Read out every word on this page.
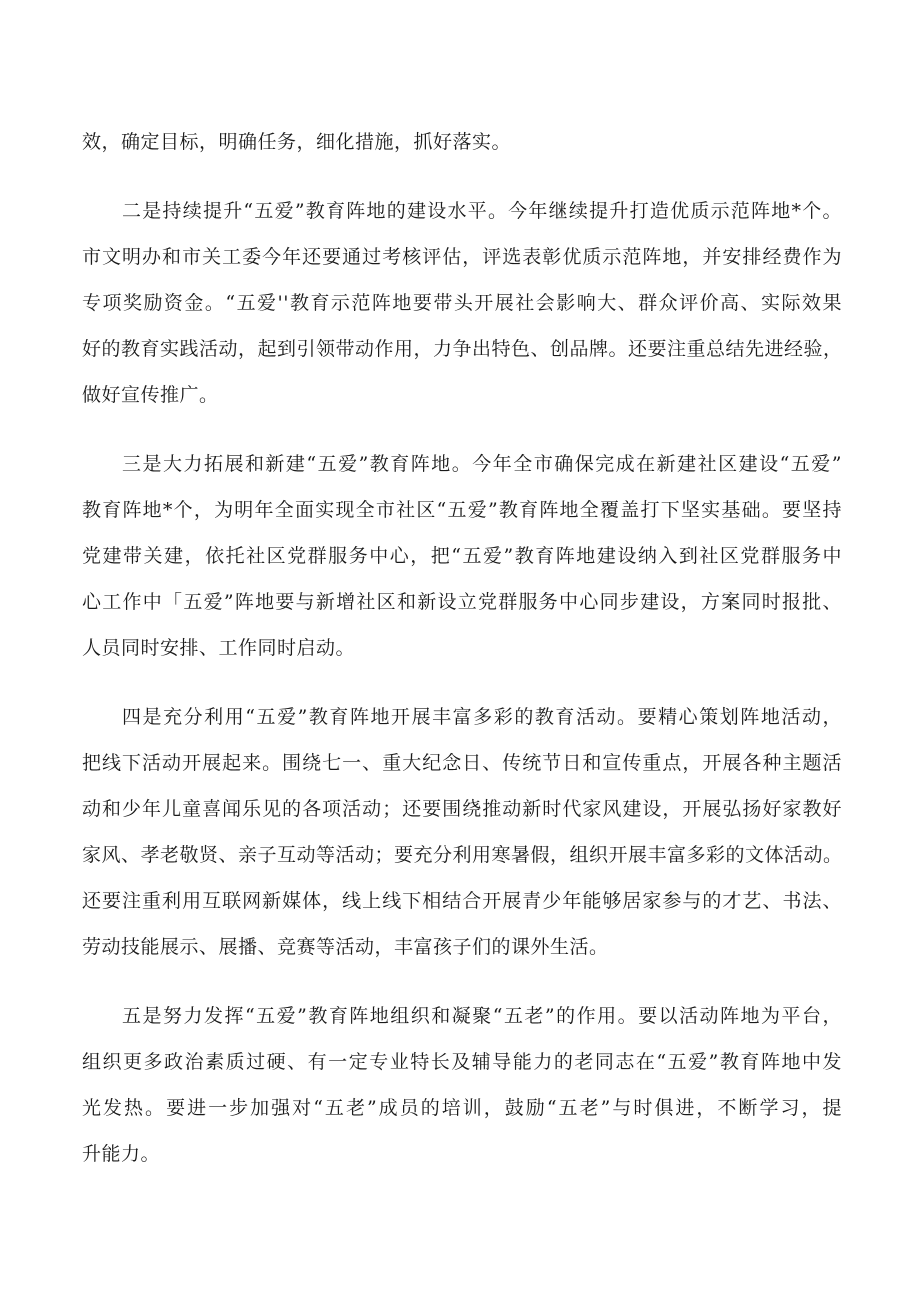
效，确定目标，明确任务，细化措施，抓好落实。
二是持续提升“五爱”教育阵地的建设水平。今年继续提升打造优质示范阵地*个。
市文明办和市关工委今年还要通过考核评估，评选表彰优质示范阵地，并安排经费作为
专项奖励资金。“五爱''教育示范阵地要带头开展社会影响大、群众评价高、实际效果
好的教育实践活动，起到引领带动作用，力争出特色、创品牌。还要注重总结先进经验，
做好宣传推广。
三是大力拓展和新建“五爱”教育阵地。今年全市确保完成在新建社区建设“五爱”
教育阵地*个，为明年全面实现全市社区“五爱”教育阵地全覆盖打下坚实基础。要坚持
党建带关建，依托社区党群服务中心，把“五爱”教育阵地建设纳入到社区党群服务中
心工作中「五爱”阵地要与新增社区和新设立党群服务中心同步建设，方案同时报批、
人员同时安排、工作同时启动。
四是充分利用“五爱”教育阵地开展丰富多彩的教育活动。要精心策划阵地活动，
把线下活动开展起来。围绕七一、重大纪念日、传统节日和宣传重点，开展各种主题活
动和少年儿童喜闻乐见的各项活动；还要围绕推动新时代家风建设，开展弘扬好家教好
家风、孝老敬贤、亲子互动等活动；要充分利用寒暑假，组织开展丰富多彩的文体活动。
还要注重利用互联网新媒体，线上线下相结合开展青少年能够居家参与的才艺、书法、
劳动技能展示、展播、竞赛等活动，丰富孩子们的课外生活。
五是努力发挥“五爱”教育阵地组织和凝聚“五老”的作用。要以活动阵地为平台，
组织更多政治素质过硬、有一定专业特长及辅导能力的老同志在“五爱”教育阵地中发
光发热。要进一步加强对“五老”成员的培训，鼓励“五老”与时俱进，不断学习，提
升能力。
